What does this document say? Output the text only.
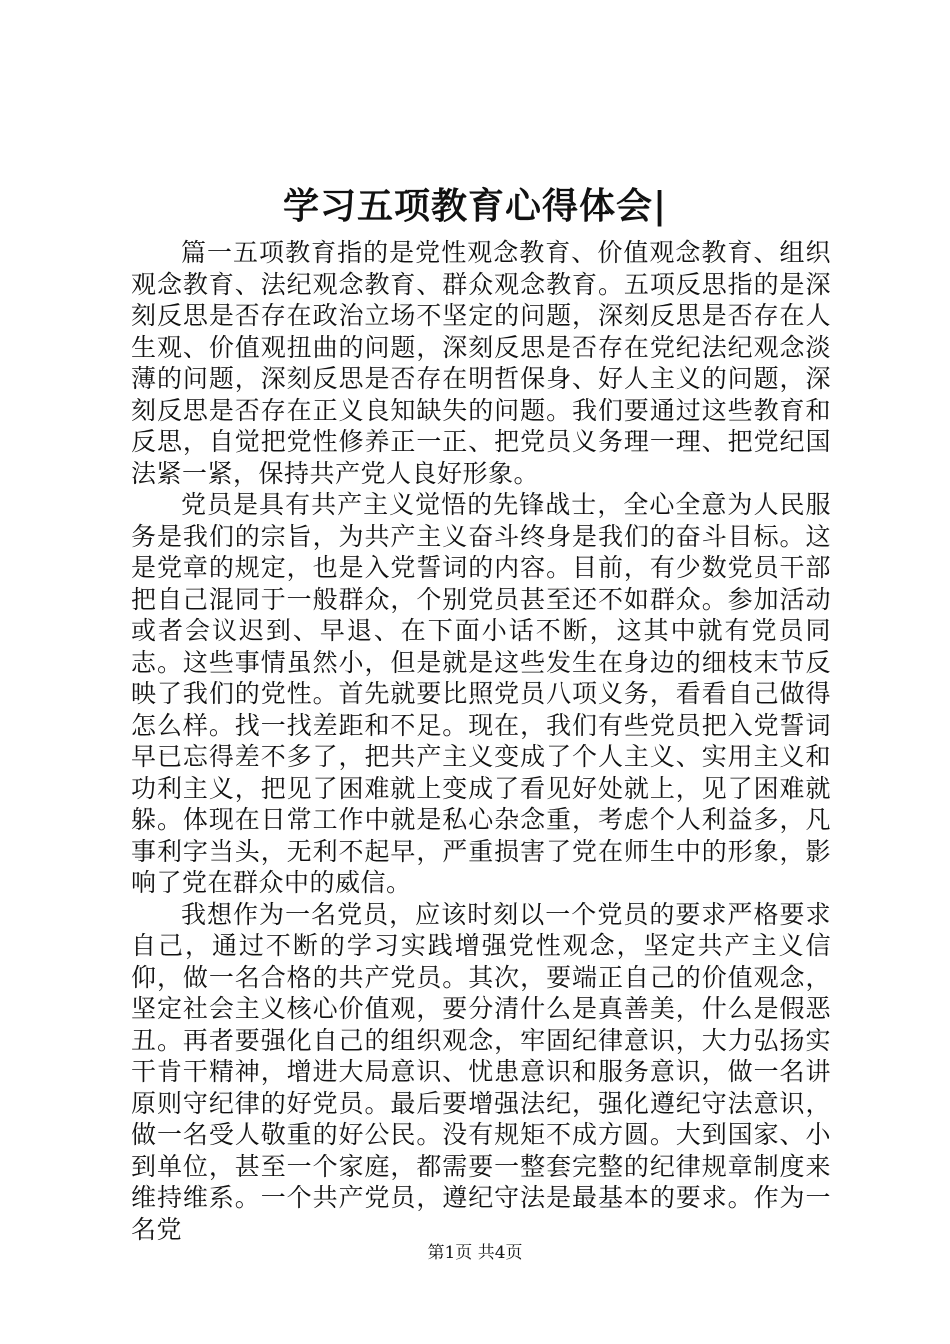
学习五项教育心得体会|

篇一五项教育指的是党性观念教育、价值观念教育、组织观念教育、法纪观念教育、群众观念教育。五项反思指的是深刻反思是否存在政治立场不坚定的问题，深刻反思是否存在人生观、价值观扭曲的问题，深刻反思是否存在党纪法纪观念淡薄的问题，深刻反思是否存在明哲保身、好人主义的问题，深刻反思是否存在正义良知缺失的问题。我们要通过这些教育和反思，自觉把党性修养正一正、把党员义务理一理、把党纪国法紧一紧，保持共产党人良好形象。

党员是具有共产主义觉悟的先锋战士，全心全意为人民服务是我们的宗旨，为共产主义奋斗终身是我们的奋斗目标。这是党章的规定，也是入党誓词的内容。目前，有少数党员干部把自己混同于一般群众，个别党员甚至还不如群众。参加活动或者会议迟到、早退、在下面小话不断，这其中就有党员同志。这些事情虽然小，但是就是这些发生在身边的细枝末节反映了我们的党性。首先就要比照党员八项义务，看看自己做得怎么样。找一找差距和不足。现在，我们有些党员把入党誓词早已忘得差不多了，把共产主义变成了个人主义、实用主义和功利主义，把见了困难就上变成了看见好处就上，见了困难就躲。体现在日常工作中就是私心杂念重，考虑个人利益多，凡事利字当头，无利不起早，严重损害了党在师生中的形象，影响了党在群众中的威信。

我想作为一名党员，应该时刻以一个党员的要求严格要求自己，通过不断的学习实践增强党性观念，坚定共产主义信仰，做一名合格的共产党员。其次，要端正自己的价值观念，坚定社会主义核心价值观，要分清什么是真善美，什么是假恶丑。再者要强化自己的组织观念，牢固纪律意识，大力弘扬实干肯干精神，增进大局意识、忧患意识和服务意识，做一名讲原则守纪律的好党员。最后要增强法纪，强化遵纪守法意识，做一名受人敬重的好公民。没有规矩不成方圆。大到国家、小到单位，甚至一个家庭，都需要一整套完整的纪律规章制度来维持维系。一个共产党员，遵纪守法是最基本的要求。作为一名党

第1页 共4页
